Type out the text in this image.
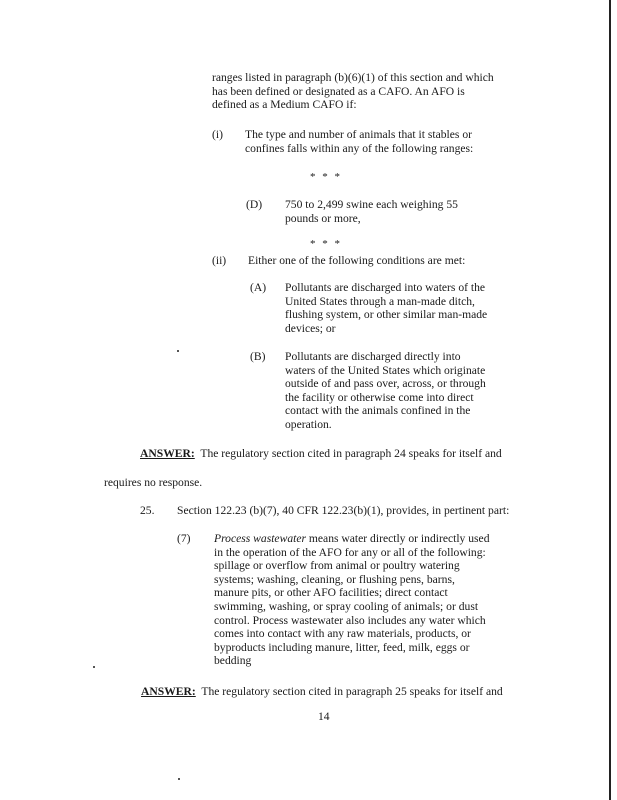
ranges listed in paragraph (b)(6)(1) of this section and which
has been defined or designated as a CAFO. An AFO is
defined as a Medium CAFO if:
(i) The type and number of animals that it stables or
confines falls within any of the following ranges:
* * *
(D) 750 to 2,499 swine each weighing 55
pounds or more,
* * *
(ii) Either one of the following conditions are met:
(A) Pollutants are discharged into waters of the
United States through a man-made ditch,
flushing system, or other similar man-made
devices; or
(B) Pollutants are discharged directly into
waters of the United States which originate
outside of and pass over, across, or through
the facility or otherwise come into direct
contact with the animals confined in the
operation.
ANSWER: The regulatory section cited in paragraph 24 speaks for itself and
requires no response.
25. Section 122.23 (b)(7), 40 CFR 122.23(b)(1), provides, in pertinent part:
(7) Process wastewater means water directly or indirectly used
in the operation of the AFO for any or all of the following:
spillage or overflow from animal or poultry watering
systems; washing, cleaning, or flushing pens, barns,
manure pits, or other AFO facilities; direct contact
swimming, washing, or spray cooling of animals; or dust
control. Process wastewater also includes any water which
comes into contact with any raw materials, products, or
byproducts including manure, litter, feed, milk, eggs or
bedding
ANSWER: The regulatory section cited in paragraph 25 speaks for itself and
14
